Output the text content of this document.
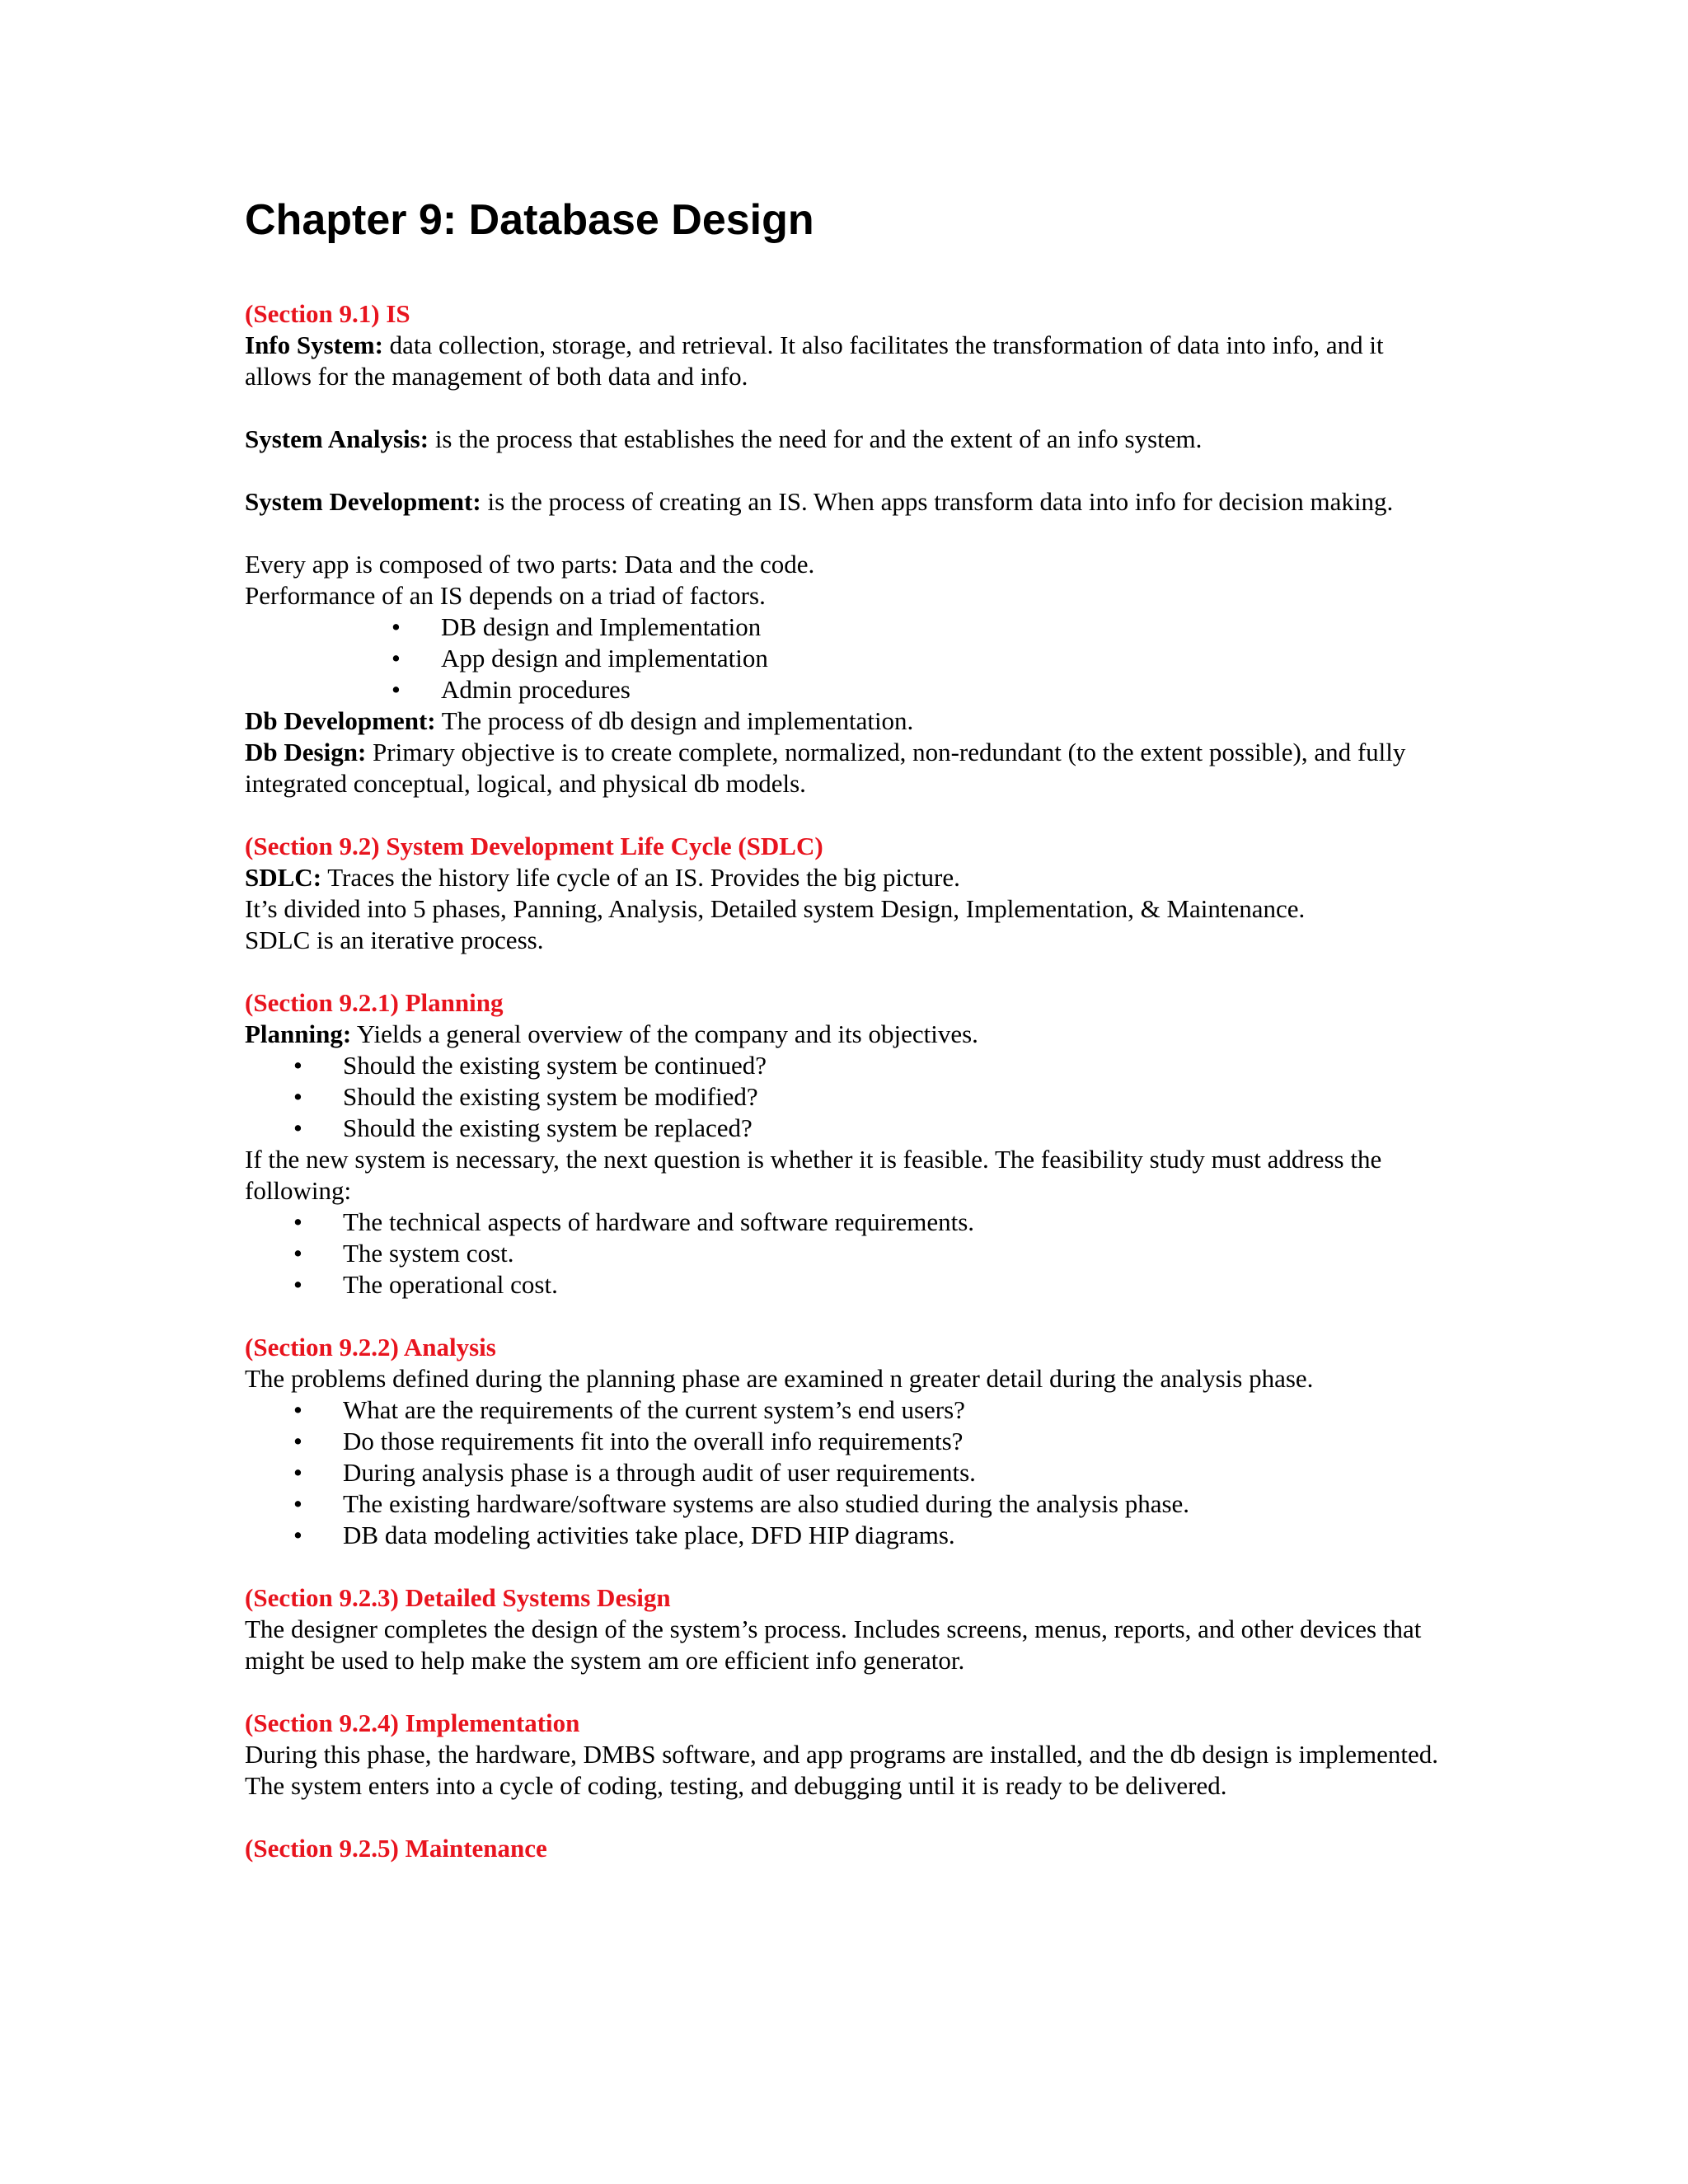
Chapter 9: Database Design

(Section 9.1) IS

Info System: data collection, storage, and retrieval. It also facilitates the transformation of data into info, and it allows for the management of both data and info.

System Analysis: is the process that establishes the need for and the extent of an info system.

System Development: is the process of creating an IS. When apps transform data into info for decision making.

Every app is composed of two parts: Data and the code.

Performance of an IS depends on a triad of factors.

• DB design and Implementation
• App design and implementation
• Admin procedures

Db Development: The process of db design and implementation.

Db Design: Primary objective is to create complete, normalized, non-redundant (to the extent possible), and fully integrated conceptual, logical, and physical db models.

(Section 9.2) System Development Life Cycle (SDLC)

SDLC: Traces the history life cycle of an IS. Provides the big picture.

It’s divided into 5 phases, Panning, Analysis, Detailed system Design, Implementation, & Maintenance.

SDLC is an iterative process.

(Section 9.2.1) Planning

Planning: Yields a general overview of the company and its objectives.

• Should the existing system be continued?
• Should the existing system be modified?
• Should the existing system be replaced?

If the new system is necessary, the next question is whether it is feasible. The feasibility study must address the following:

• The technical aspects of hardware and software requirements.
• The system cost.
• The operational cost.

(Section 9.2.2) Analysis

The problems defined during the planning phase are examined n greater detail during the analysis phase.

• What are the requirements of the current system’s end users?
• Do those requirements fit into the overall info requirements?
• During analysis phase is a through audit of user requirements.
• The existing hardware/software systems are also studied during the analysis phase.
• DB data modeling activities take place, DFD HIP diagrams.

(Section 9.2.3) Detailed Systems Design

The designer completes the design of the system’s process. Includes screens, menus, reports, and other devices that might be used to help make the system am ore efficient info generator.

(Section 9.2.4) Implementation

During this phase, the hardware, DMBS software, and app programs are installed, and the db design is implemented. The system enters into a cycle of coding, testing, and debugging until it is ready to be delivered.

(Section 9.2.5) Maintenance
